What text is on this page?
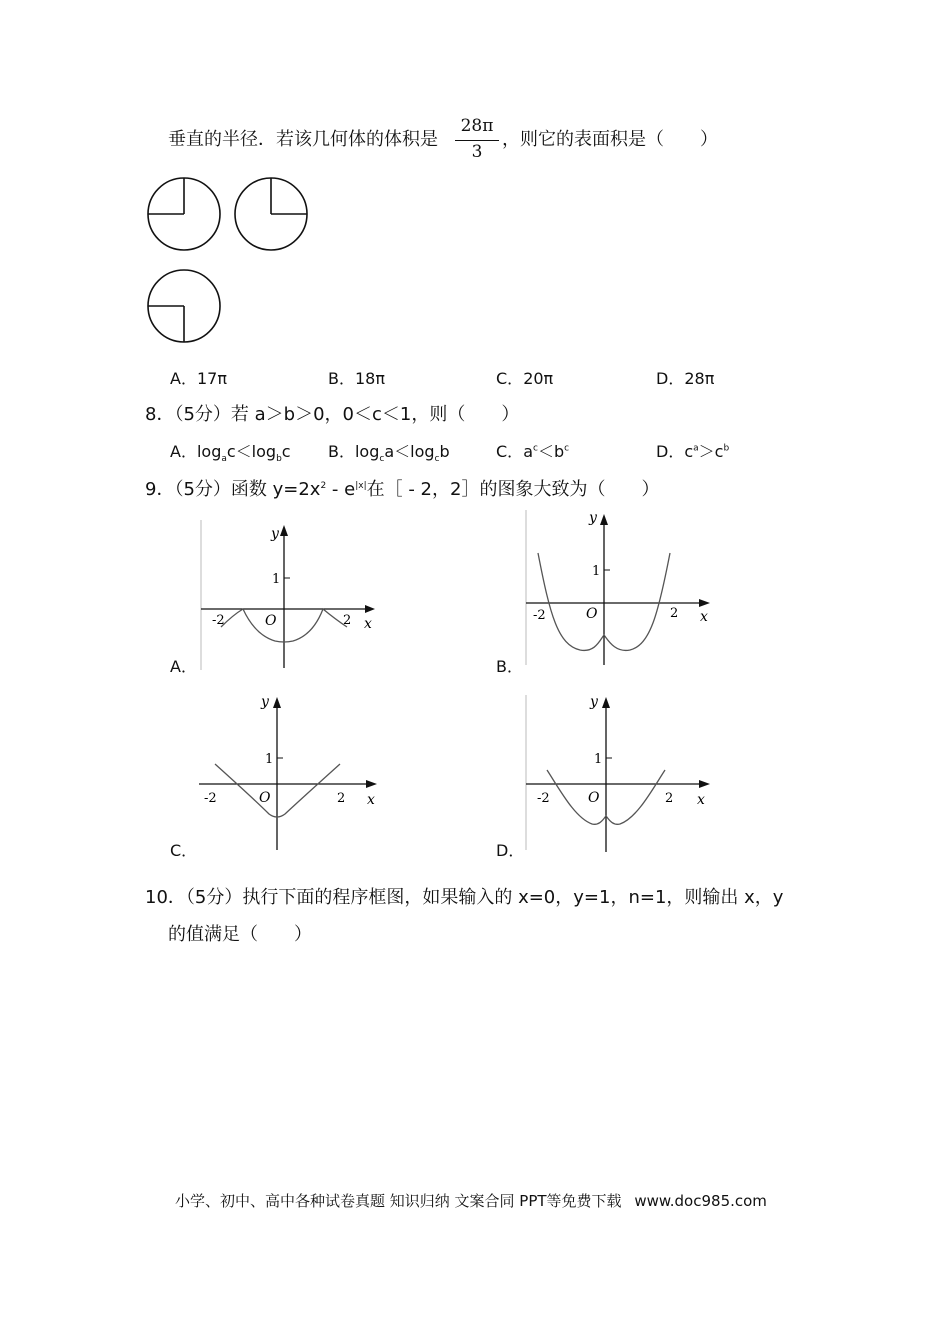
垂直的半径．若该几何体的体积是
28π
3
，则它的表面积是（　　）
A．17π	B．18π	C．20π	D．28π
8．（5分）若 a＞b＞0，0＜c＜1，则（　　）
A．$\log_ac<\log_bc$ B．$\log_ca<\log_cb$	C．$a^c<b^c$	D．$c^a>c^b$
9．（5分）函数 $y=2x^2 - e^{|x|}$在［ - 2，2］的图象大致为（　　）
y
1
O
-2	2 x
A．
y
1
O
-2	2 x
B．
y
1
O
-2	2 x
C．
y
1
O
-2	2 x
D．
10．（5分）执行下面的程序框图，如果输入的 x=0，y=1，n=1，则输出 x，y
的值满足（　　）
小学、初中、高中各种试卷真题 知识归纳 文案合同 PPT等免费下载 www.doc985.com
